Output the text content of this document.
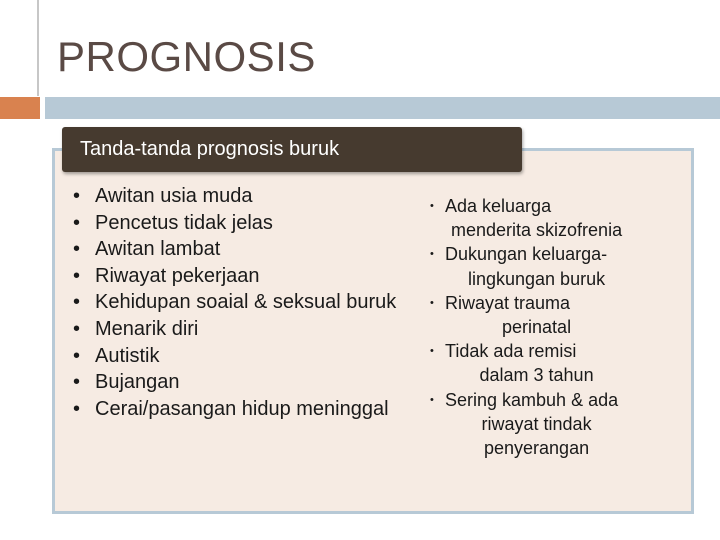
PROGNOSIS
Tanda-tanda prognosis buruk
• Awitan usia muda
• Pencetus tidak jelas
• Awitan lambat
• Riwayat pekerjaan
• Kehidupan soaial & seksual buruk
• Menarik diri
• Autistik
• Bujangan
• Cerai/pasangan hidup meninggal
• Ada keluarga
menderita skizofrenia
• Dukungan keluarga-
lingkungan buruk
• Riwayat trauma
perinatal
• Tidak ada remisi
dalam 3 tahun
• Sering kambuh & ada
riwayat tindak
penyerangan
